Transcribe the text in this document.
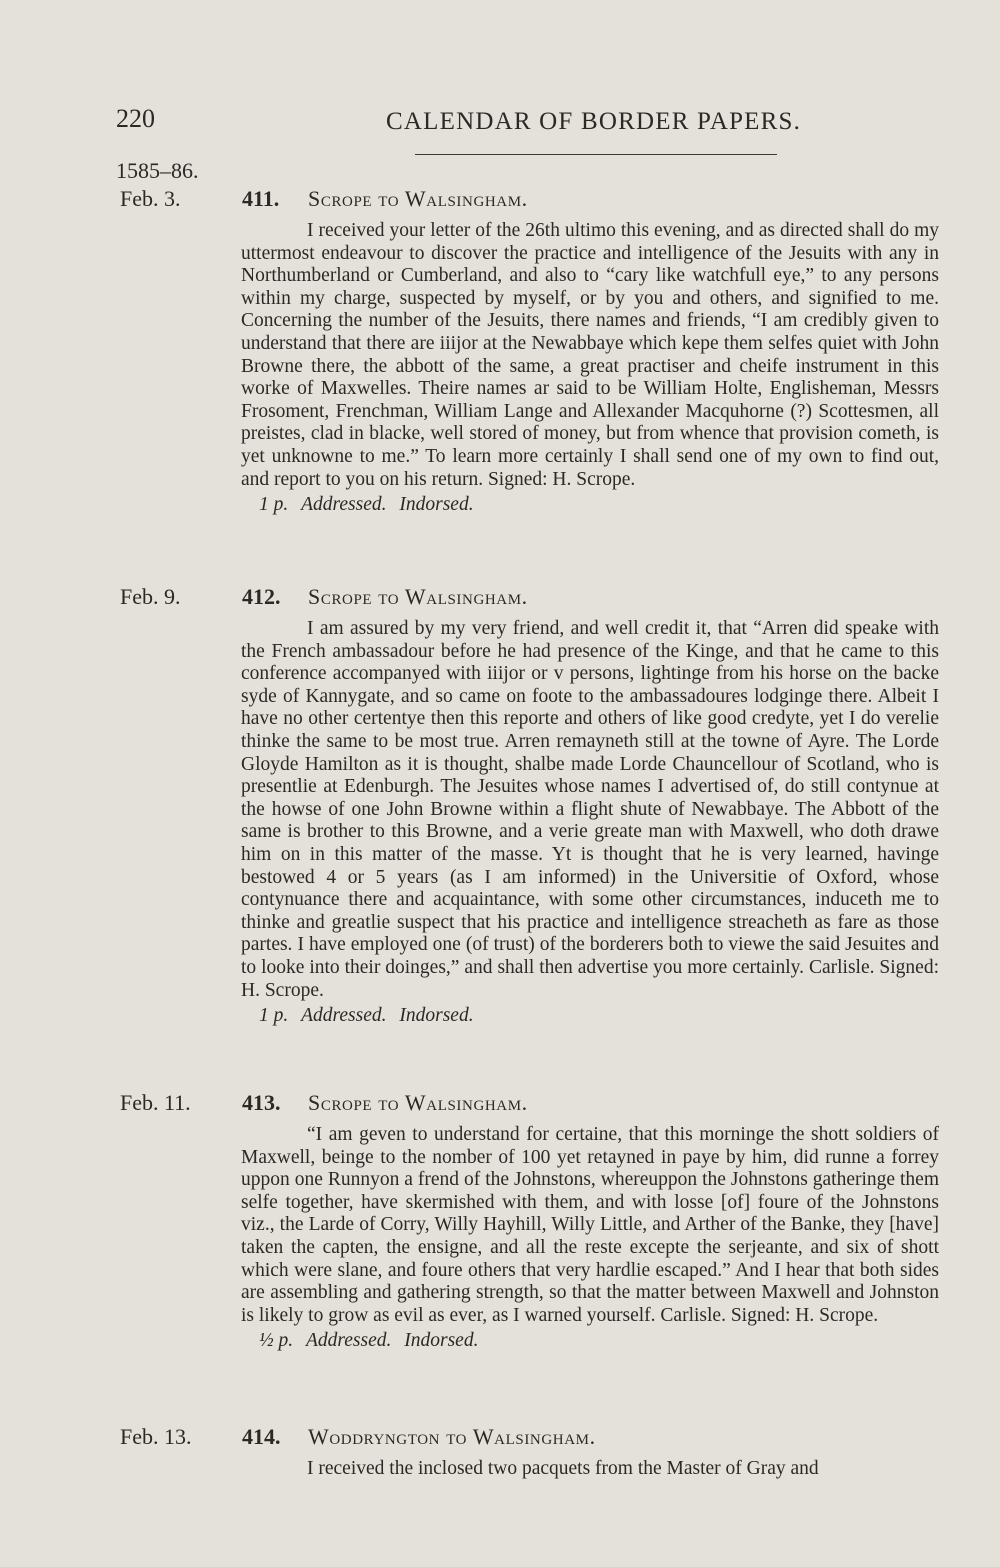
220	CALENDAR OF BORDER PAPERS.
1585–86.
Feb. 3.	411. Scrope to Walsingham.
I received your letter of the 26th ultimo this evening, and as directed shall do my uttermost endeavour to discover the practice and intelligence of the Jesuits with any in Northumberland or Cumberland, and also to “cary like watchfull eye,” to any persons within my charge, suspected by myself, or by you and others, and signified to me. Concerning the number of the Jesuits, there names and friends, “I am credibly given to understand that there are iiijor at the Newabbaye which kepe them selfes quiet with John Browne there, the abbott of the same, a great practiser and cheife instrument in this worke of Maxwelles. Theire names ar said to be William Holte, Englisheman, Messrs Frosoment, Frenchman, William Lange and Allexander Macquhorne (?) Scottesmen, all preistes, clad in blacke, well stored of money, but from whence that provision cometh, is yet unknowne to me.” To learn more certainly I shall send one of my own to find out, and report to you on his return. Signed: H. Scrope.
1 p. Addressed. Indorsed.
Feb. 9.	412. Scrope to Walsingham.
I am assured by my very friend, and well credit it, that “Arren did speake with the French ambassadour before he had presence of the Kinge, and that he came to this conference accompanyed with iiijor or v persons, lightinge from his horse on the backe syde of Kannygate, and so came on foote to the ambassadoures lodginge there. Albeit I have no other certentye then this reporte and others of like good credyte, yet I do verelie thinke the same to be most true. Arren remayneth still at the towne of Ayre. The Lorde Gloyde Hamilton as it is thought, shalbe made Lorde Chauncellour of Scotland, who is presentlie at Edenburgh. The Jesuites whose names I advertised of, do still contynue at the howse of one John Browne within a flight shute of Newabbaye. The Abbott of the same is brother to this Browne, and a verie greate man with Maxwell, who doth drawe him on in this matter of the masse. Yt is thought that he is very learned, havinge bestowed 4 or 5 years (as I am informed) in the Universitie of Oxford, whose contynuance there and acquaintance, with some other circumstances, induceth me to thinke and greatlie suspect that his practice and intelligence streacheth as fare as those partes. I have employed one (of trust) of the borderers both to viewe the said Jesuites and to looke into their doinges,” and shall then advertise you more certainly. Carlisle. Signed: H. Scrope.
1 p. Addressed. Indorsed.
Feb. 11. 413. Scrope to Walsingham.
“I am geven to understand for certaine, that this morninge the shott soldiers of Maxwell, beinge to the nomber of 100 yet retayned in paye by him, did runne a forrey uppon one Runnyon a frend of the Johnstons, whereuppon the Johnstons gatheringe them selfe together, have skermished with them, and with losse [of] foure of the Johnstons viz., the Larde of Corry, Willy Hayhill, Willy Little, and Arther of the Banke, they [have] taken the capten, the ensigne, and all the reste excepte the serjeante, and six of shott which were slane, and foure others that very hardlie escaped.” And I hear that both sides are assembling and gathering strength, so that the matter between Maxwell and Johnston is likely to grow as evil as ever, as I warned yourself. Carlisle. Signed: H. Scrope.
½ p. Addressed. Indorsed.
Feb. 13. 414. Woddryngton to Walsingham.
I received the inclosed two pacquets from the Master of Gray and
